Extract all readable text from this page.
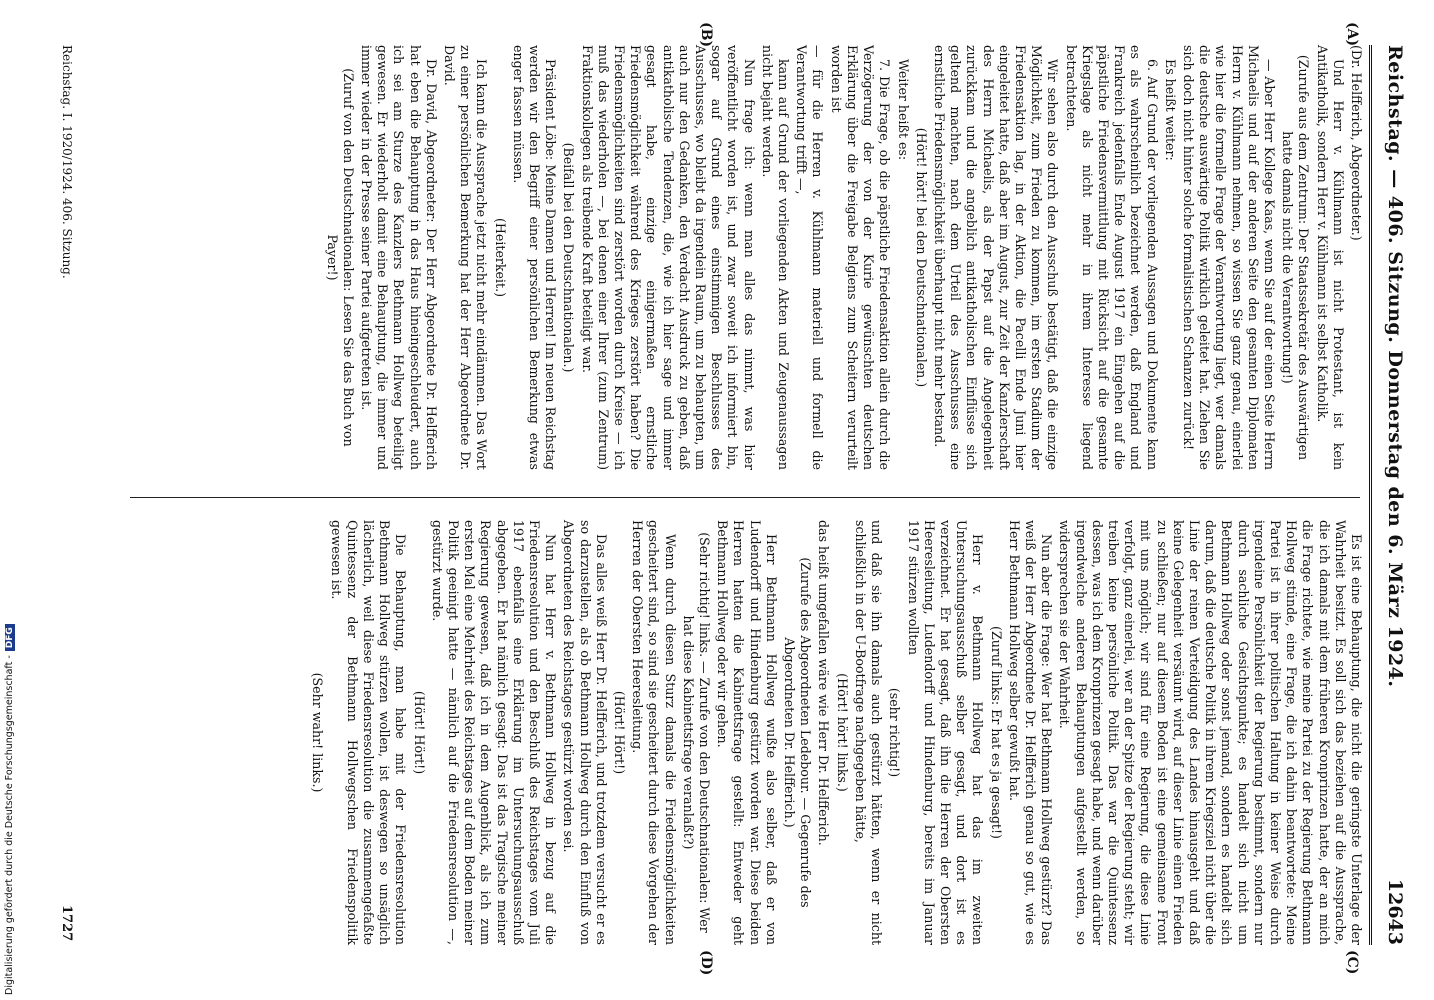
Reichstag. — 406. Sitzung. Donnerstag den 6. März 1924.
12643
(A)
(B)
(C)
(D)

(Dr. Helfferich, Abgeordneter.)

Und Herr v. Kühlmann ist nicht Protestant, ist kein Antikatholik, sondern Herr v. Kühlmann ist selbst Katholik.

(Zurufe aus dem Zentrum: Der Staatssekretär des Auswärtigen hatte damals nicht die Verantwortung!)

— Aber Herr Kollege Kaas, wenn Sie auf der einen Seite Herrn Michaelis und auf der anderen Seite den gesamten Diplomaten Herrn v. Kühlmann nehmen, so wissen Sie ganz genau, einerlei wie hier die formelle Frage der Verantwortung liegt, wer damals die deutsche auswärtige Politik wirklich geleitet hat. Ziehen Sie sich doch nicht hinter solche formalistischen Schanzen zurück!

Es heißt weiter:

6. Auf Grund der vorliegenden Aussagen und Dokumente kann es als wahrscheinlich bezeichnet werden, daß England und Frankreich jedenfalls Ende August 1917 ein Eingehen auf die päpstliche Friedensvermittlung mit Rücksicht auf die gesamte Kriegslage als nicht mehr in ihrem Interesse liegend betrachteten.

Wir sehen also durch den Ausschuß bestätigt, daß die einzige Möglichkeit, zum Frieden zu kommen, im ersten Stadium der Friedensaktion lag, in der Aktion, die Pacelli Ende Juni hier eingeleitet hatte, daß aber im August, zur Zeit der Kanzlerschaft des Herrn Michaelis, als der Papst auf die Angelegenheit zurückkam und die angeblich antikatholischen Einflüsse sich geltend machten, nach dem Urteil des Ausschusses eine ernstliche Friedensmöglichkeit überhaupt nicht mehr bestand.

(Hört! hört! bei den Deutschnationalen.)

Weiter heißt es:

7. Die Frage, ob die päpstliche Friedensaktion allein durch die Verzögerung der von der Kurie gewünschten deutschen Erklärung über die Freigabe Belgiens zum Scheitern verurteilt worden ist

— für die Herren v. Kühlmann materiell und formell die Verantwortung trifft —,

kann auf Grund der vorliegenden Akten und Zeugenaussagen nicht bejaht werden.

Nun frage ich: wenn man alles das nimmt, was hier veröffentlicht worden ist, und zwar soweit ich informiert bin, sogar auf Grund eines einstimmigen Beschlusses des Ausschusses, wo bleibt da irgendein Raum, um zu behaupten, um auch nur den Gedanken, den Verdacht Ausdruck zu geben, daß antikatholische Tendenzen, die, wie ich hier sage und immer gesagt habe, einzige einigermaßen ernstliche Friedensmöglichkeit während des Krieges zerstört haben? Die Friedensmöglichkeiten sind zerstört worden durch Kreise — ich muß das wiederholen —, bei denen einer Ihrer (zum Zentrum) Fraktionskollegen als treibende Kraft beteiligt war.

(Beifall bei den Deutschnationalen.)

Präsident Löbe: Meine Damen und Herren! Im neuen Reichstag werden wir den Begriff einer persönlichen Bemerkung etwas enger fassen müssen.

(Heiterkeit.)

Ich kann die Aussprache jetzt nicht mehr eindämmen. Das Wort zu einer persönlichen Bemerkung hat der Herr Abgeordnete Dr. David.

Dr. David, Abgeordneter: Der Herr Abgeordnete Dr. Helfferich hat eben die Behauptung in das Haus hineingeschleudert, auch ich sei am Sturze des Kanzlers Bethmann Hollweg beteiligt gewesen. Er wiederholt damit eine Behauptung, die immer und immer wieder in der Presse seiner Partei aufgetreten ist.

(Zuruf von den Deutschnationalen: Lesen Sie das Buch von Payer!)

Es ist eine Behauptung, die nicht die geringste Unterlage der Wahrheit besitzt. Es soll sich das beziehen auf die Aussprache, die ich damals mit dem früheren Kronprinzen hatte, der an mich die Frage richtete, wie meine Partei zu der Regierung Bethmann Hollweg stünde, eine Frage, die ich dahin beantwortete: Meine Partei ist in ihrer politischen Haltung in keiner Weise durch irgendeine Persönlichkeit der Regierung bestimmt, sondern nur durch sachliche Gesichtspunkte; es handelt sich nicht um Bethmann Hollweg oder sonst jemand, sondern es handelt sich darum, daß die deutsche Politik in ihrem Kriegsziel nicht über die Linie der reinen Verteidigung des Landes hinausgeht und daß keine Gelegenheit versäumt wird, auf dieser Linie einen Frieden zu schließen; nur auf diesem Boden ist eine gemeinsame Front mit uns möglich; wir sind für eine Regierung, die diese Linie verfolgt, ganz einerlei, wer an der Spitze der Regierung steht; wir treiben keine persönliche Politik. Das war die Quintessenz dessen, was ich dem Kronprinzen gesagt habe, und wenn darüber irgendwelche anderen Behauptungen aufgestellt werden, so widersprechen sie der Wahrheit.

Nun aber die Frage: Wer hat Bethmann Hollweg gestürzt? Das weiß der Herr Abgeordnete Dr. Helfferich genau so gut, wie es Herr Bethmann Hollweg selber gewußt hat.

(Zuruf links: Er hat es ja gesagt!)

Herr v. Bethmann Hollweg hat das im zweiten Untersuchungsausschuß selber gesagt, und dort ist es verzeichnet. Er hat gesagt, daß ihn die Herren der Obersten Heeresleitung, Ludendorff und Hindenburg, bereits im Januar 1917 stürzen wollten

(sehr richtig!)

und daß sie ihn damals auch gestürzt hätten, wenn er nicht schließlich in der U-Bootfrage nachgegeben hätte,

(Hört! hört! links.)

das heißt umgefallen wäre wie Herr Dr. Helfferich.

(Zurufe des Abgeordneten Ledebour. — Gegenrufe des Abgeordneten Dr. Helfferich.)

Herr Bethmann Hollweg wußte also selber, daß er von Ludendorff und Hindenburg gestürzt worden war. Diese beiden Herren hatten die Kabinettsfrage gestellt: Entweder geht Bethmann Hollweg oder wir gehen.

(Sehr richtig! links. — Zurufe von den Deutschnationalen: Wer hat diese Kabinettsfrage veranlaßt?)

Wenn durch diesen Sturz damals die Friedensmöglichkeiten gescheitert sind, so sind sie gescheitert durch diese Vorgehen der Herren der Obersten Heeresleitung.

(Hört! Hört!)

Das alles weiß Herr Dr. Helfferich, und trotzdem versucht er es so darzustellen, als ob Bethmann Hollweg durch den Einfluß von Abgeordneten des Reichstages gestürzt worden sei.

Nun hat Herr v. Bethmann Hollweg in bezug auf die Friedensresolution und den Beschluß des Reichstages vom Juli 1917 ebenfalls eine Erklärung im Untersuchungsausschuß abgegeben. Er hat nämlich gesagt: Das ist das Tragische meiner Regierung gewesen, daß ich in dem Augenblick, als ich zum ersten Mal eine Mehrheit des Reichstages auf dem Boden meiner Politik geeinigt hatte — nämlich auf die Friedensresolution —, gestürzt wurde.

(Hört! Hört!)

Die Behauptung, man habe mit der Friedensresolution Bethmann Hollweg stürzen wollen, ist deswegen so unsäglich lächerlich, weil diese Friedensresolution die zusammengefaßte Quintessenz der Bethmann Hollwegschen Friedenspolitik gewesen ist.

(Sehr wahr! links.)

Reichstag. I. 1920/1924. 406. Sitzung.
1727
Digitalisierung gefördert durch die Deutsche Forschungsgemeinschaft -DFG
